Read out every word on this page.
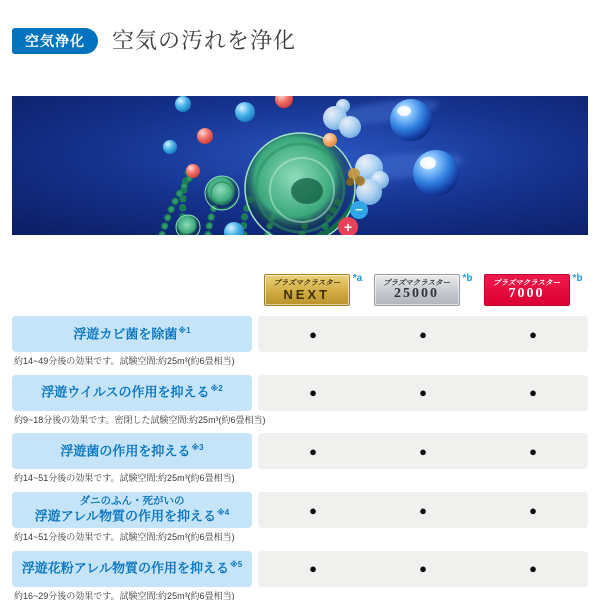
空気浄化	空気の汚れを浄化
−
+
プラズマクラスター
NEXT
*a	プラズマクラスター
25000
*b	プラズマクラスター
7000
*b
浮遊カビ菌を除菌$^{※1}$	●	●	●
約14~49分後の効果です。試験空間:約25m³(約6畳相当)
浮遊ウイルスの作用を抑える$^{※2}$	●	●	●
約9~18分後の効果です。密閉した試験空間:約25m³(約6畳相当)
浮遊菌の作用を抑える$^{※3}$	●	●	●
約14~51分後の効果です。試験空間:約25m³(約6畳相当)
ダニのふん・死がいの
浮遊アレル物質の作用を抑える$^{※4}$	●	●	●
約14~51分後の効果です。試験空間:約25m³(約6畳相当)
浮遊花粉アレル物質の作用を抑える$^{※5}$	●	●	●
約16~29分後の効果です。試験空間:約25m³(約6畳相当)
